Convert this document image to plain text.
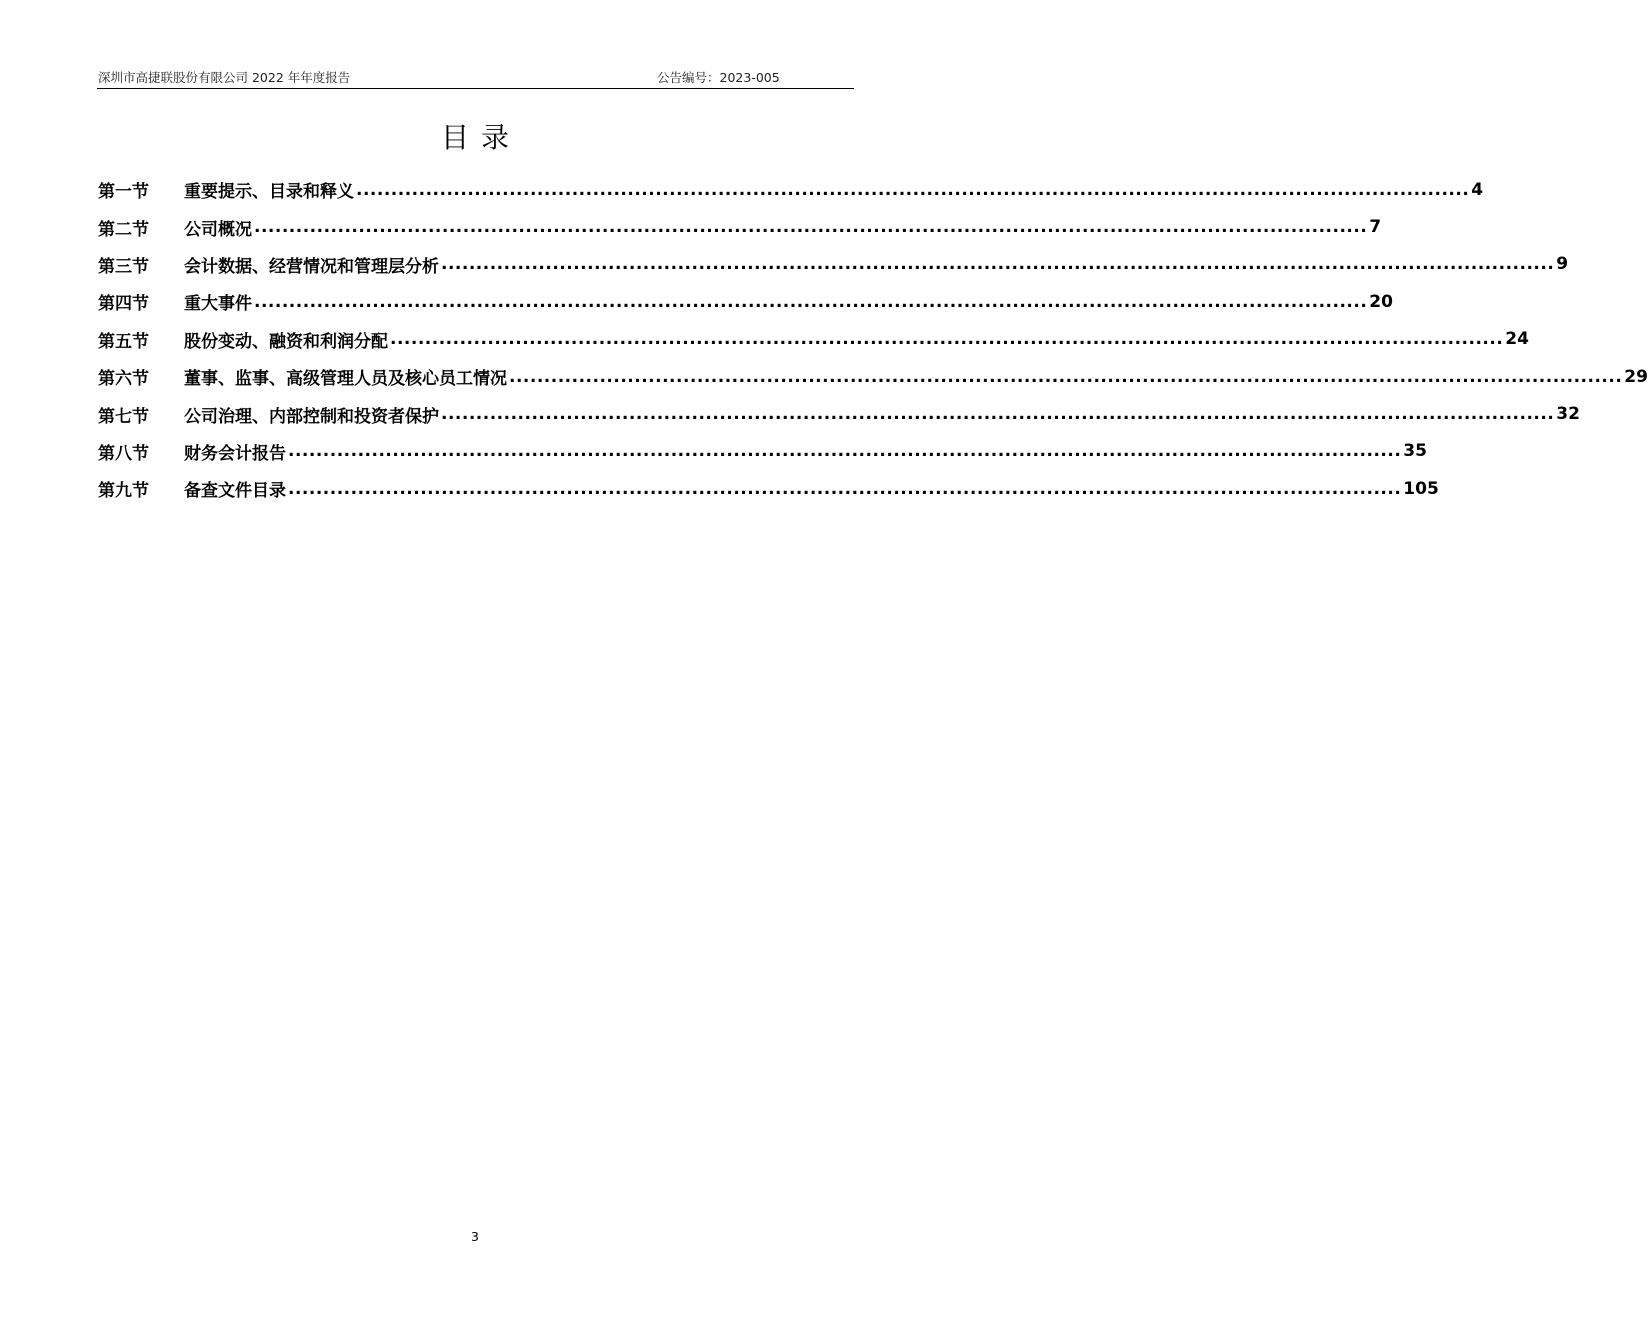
深圳市高捷联股份有限公司 2022 年年度报告	公告编号：2023-005
目录
第一节	重要提示、目录和释义 ................................................................................................................................................................ 4
第二节	公司概况 ................................................................................................................................................................ 7
第三节	会计数据、经营情况和管理层分析 ................................................................................................................................................................ 9
第四节	重大事件 ................................................................................................................................................................ 20
第五节	股份变动、融资和利润分配 ................................................................................................................................................................ 24
第六节	董事、监事、高级管理人员及核心员工情况 ................................................................................................................................................................ 29
第七节	公司治理、内部控制和投资者保护 ................................................................................................................................................................ 32
第八节	财务会计报告 ................................................................................................................................................................ 35
第九节	备查文件目录 ................................................................................................................................................................ 105
3
